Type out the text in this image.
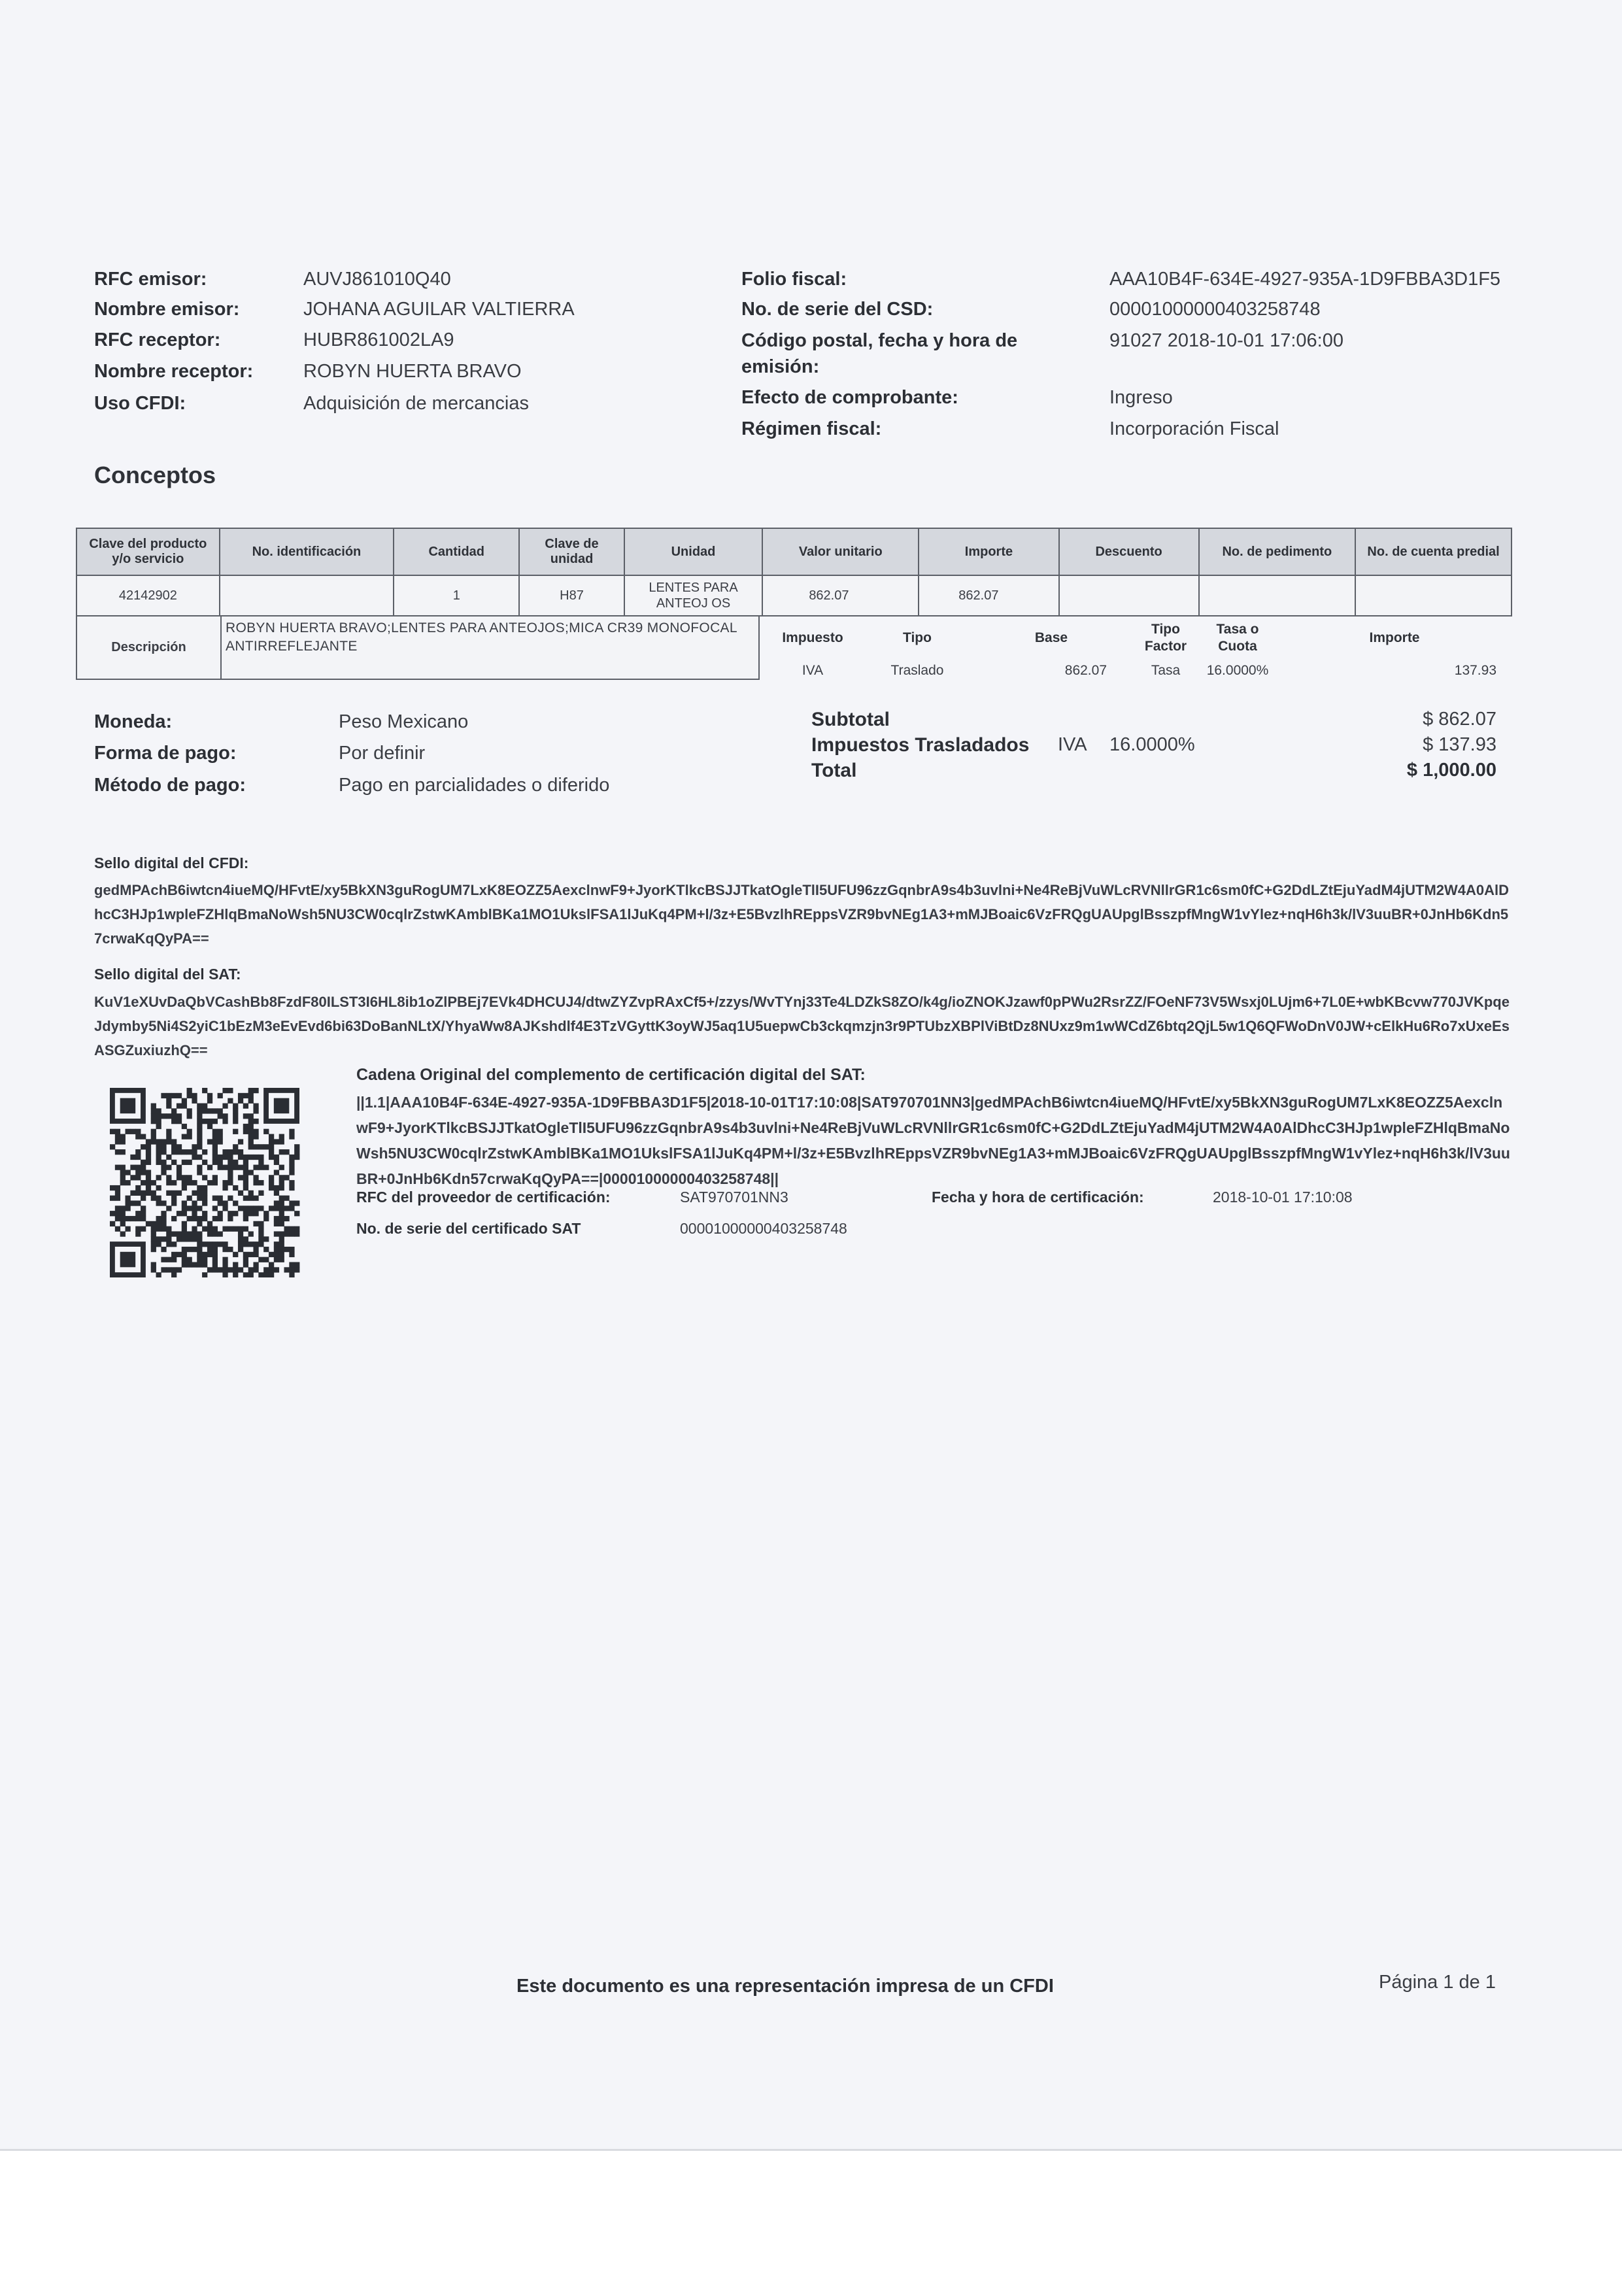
RFC emisor:	AUVJ861010Q40
Nombre emisor:	JOHANA AGUILAR VALTIERRA
RFC receptor:	HUBR861002LA9
Nombre receptor:	ROBYN HUERTA BRAVO
Uso CFDI:	Adquisición de mercancias
Folio fiscal:	AAA10B4F-634E-4927-935A-1D9FBBA3D1F5
No. de serie del CSD:	00001000000403258748
Código postal, fecha y hora de
emisión:
91027 2018-10-01 17:06:00
Efecto de comprobante:	Ingreso
Régimen fiscal:	Incorporación Fiscal
Conceptos
Clave del producto y/o servicio	No. identificación	Cantidad	Clave de unidad	Unidad	Valor unitario	Importe	Descuento	No. de pedimento	No. de cuenta predial
42142902		1	H87	LENTES PARA ANTEOJ OS	862.07	862.07			
Descripción	ROBYN HUERTA BRAVO;LENTES PARA ANTEOJOS;MICA CR39 MONOFOCAL ANTIRREFLEJANTE
Impuesto	Tipo	Base	Tipo Factor	Tasa o Cuota	Importe
IVA	Traslado	862.07	Tasa	16.0000%	137.93
Moneda:	Peso Mexicano
Forma de pago:	Por definir
Método de pago:	Pago en parcialidades o diferido
Subtotal	$ 862.07
Impuestos Trasladados IVA 16.0000%	$ 137.93
Total	$ 1,000.00
Sello digital del CFDI:
gedMPAchB6iwtcn4iueMQ/HFvtE/xy5BkXN3guRogUM7LxK8EOZZ5AexclnwF9+JyorKTlkcBSJJTkatOgleTlI5UFU96zzGqnbrA9s4b3uvlni+Ne4ReBjVuWLcRVNllrGR1c6sm0fC+G2DdLZtEjuYadM4jUTM2W4A0AlDhcC3HJp1wpleFZHlqBmaNoWsh5NU3CW0cqlrZstwKAmblBKa1MO1UkslFSA1lJuKq4PM+l/3z+E5BvzlhREppsVZR9bvNEg1A3+mMJBoaic6VzFRQgUAUpglBsszpfMngW1vYlez+nqH6h3k/lV3uuBR+0JnHb6Kdn57crwaKqQyPA==
Sello digital del SAT:
KuV1eXUvDaQbVCashBb8FzdF80ILST3I6HL8ib1oZlPBEj7EVk4DHCUJ4/dtwZYZvpRAxCf5+/zzys/WvTYnj33Te4LDZkS8ZO/k4g/ioZNOKJzawf0pPWu2RsrZZ/FOeNF73V5Wsxj0LUjm6+7L0E+wbKBcvw770JVKpqeJdymby5Ni4S2yiC1bEzM3eEvEvd6bi63DoBanNLtX/YhyaWw8AJKshdlf4E3TzVGyttK3oyWJ5aq1U5uepwCb3ckqmzjn3r9PTUbzXBPlViBtDz8NUxz9m1wWCdZ6btq2QjL5w1Q6QFWoDnV0JW+cElkHu6Ro7xUxeEsASGZuxiuzhQ==
Cadena Original del complemento de certificación digital del SAT:
||1.1|AAA10B4F-634E-4927-935A-1D9FBBA3D1F5|2018-10-01T17:10:08|SAT970701NN3|gedMPAchB6iwtcn4iueMQ/HFvtE/xy5BkXN3guRogUM7LxK8EOZZ5AexclnwF9+JyorKTlkcBSJJTkatOgleTlI5UFU96zzGqnbrA9s4b3uvlni+Ne4ReBjVuWLcRVNllrGR1c6sm0fC+G2DdLZtEjuYadM4jUTM2W4A0AlDhcC3HJp1wpleFZHlqBmaNoWsh5NU3CW0cqlrZstwKAmblBKa1MO1UkslFSA1lJuKq4PM+l/3z+E5BvzlhREppsVZR9bvNEg1A3+mMJBoaic6VzFRQgUAUpglBsszpfMngW1vYlez+nqH6h3k/lV3uuBR+0JnHb6Kdn57crwaKqQyPA==|00001000000403258748||
RFC del proveedor de certificación:	SAT970701NN3	Fecha y hora de certificación:	2018-10-01 17:10:08
No. de serie del certificado SAT	00001000000403258748
Este documento es una representación impresa de un CFDI	Página 1 de 1
